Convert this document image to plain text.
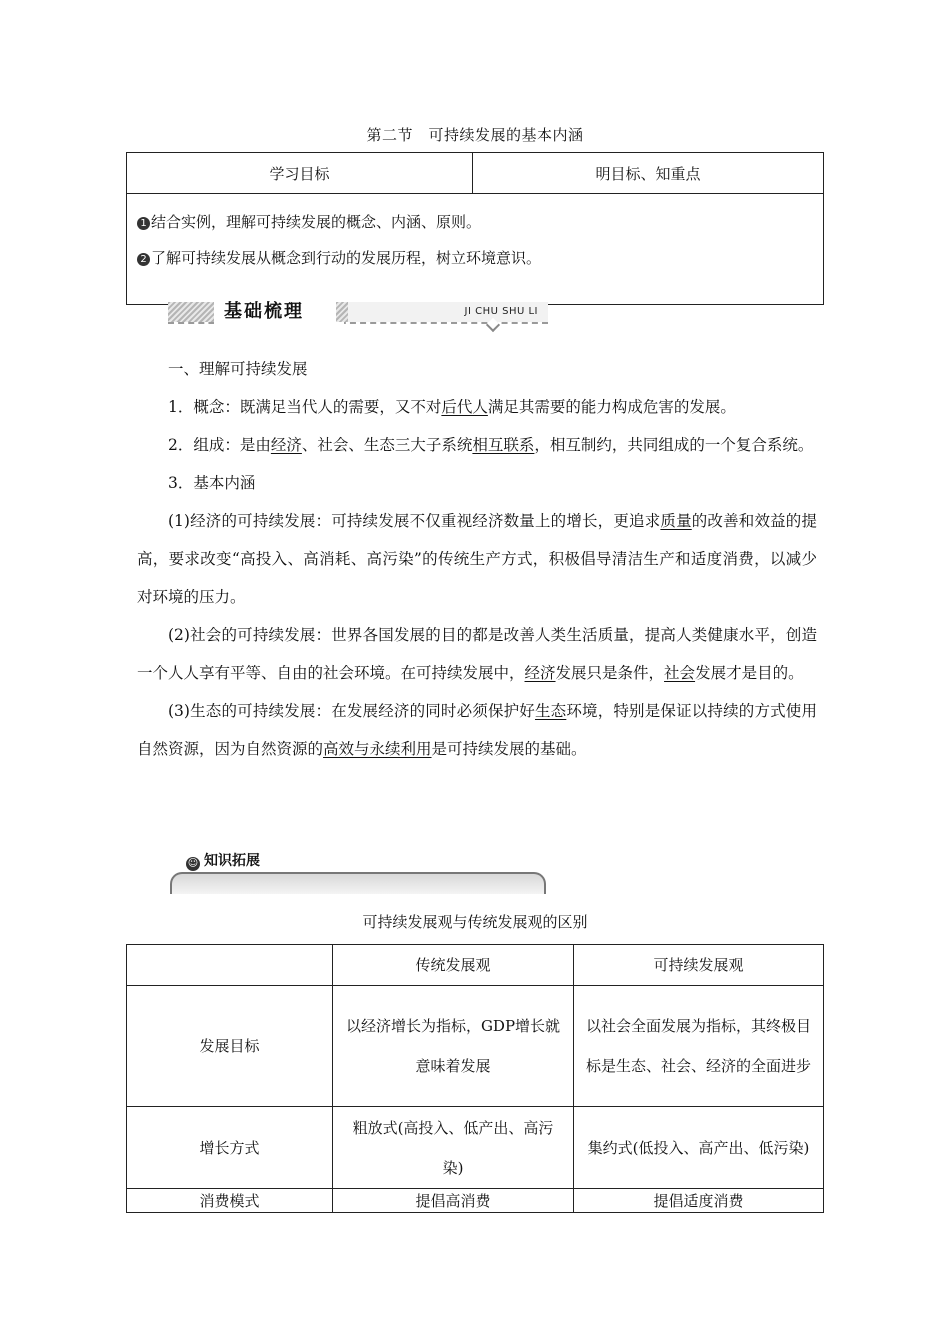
第二节　可持续发展的基本内涵
学习目标	明目标、知重点

1 结合实例，理解可持续发展的概念、内涵、原则。
2 了解可持续发展从概念到行动的发展历程，树立环境意识。
基础梳理	JI CHU SHU LI

一、理解可持续发展

1．概念：既满足当代人的需要，又不对后代人满足其需要的能力构成危害的发展。

2．组成：是由经济、社会、生态三大子系统相互联系，相互制约，共同组成的一个复合系统。

3．基本内涵

(1)经济的可持续发展：可持续发展不仅重视经济数量上的增长，更追求质量的改善和效益的提高，要求改变“高投入、高消耗、高污染”的传统生产方式，积极倡导清洁生产和适度消费，以减少对环境的压力。

(2)社会的可持续发展：世界各国发展的目的都是改善人类生活质量，提高人类健康水平，创造一个人人享有平等、自由的社会环境。在可持续发展中，经济发展只是条件，社会发展才是目的。

(3)生态的可持续发展：在发展经济的同时必须保护好生态环境，特别是保证以持续的方式使用自然资源，因为自然资源的高效与永续利用是可持续发展的基础。

☺ 知识拓展
可持续发展观与传统发展观的区别
	传统发展观	可持续发展观
发展目标	以经济增长为指标，GDP增长就意味着发展	以社会全面发展为指标，其终极目标是生态、社会、经济的全面进步
增长方式	粗放式(高投入、低产出、高污染)	集约式(低投入、高产出、低污染)
消费模式	提倡高消费	提倡适度消费
